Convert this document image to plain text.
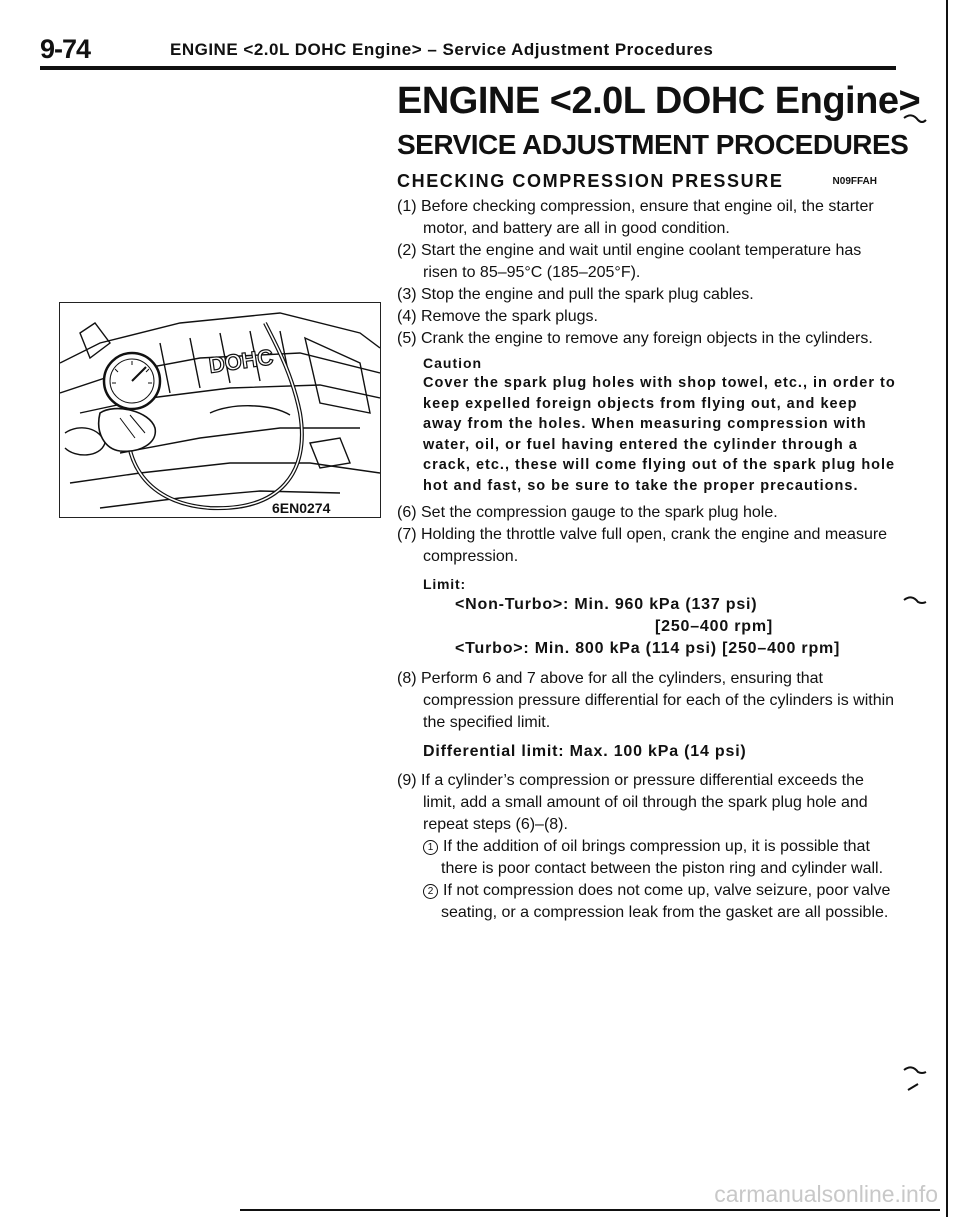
9-74	ENGINE <2.0L DOHC Engine> – Service Adjustment Procedures
DOHC
6EN0274
ENGINE <2.0L DOHC Engine>
SERVICE ADJUSTMENT PROCEDURES
CHECKING COMPRESSION PRESSURE	N09FFAH

(1) Before checking compression, ensure that engine oil, the starter motor, and battery are all in good condition.

(2) Start the engine and wait until engine coolant temperature has risen to 85–95°C (185–205°F).

(3) Stop the engine and pull the spark plug cables.

(4) Remove the spark plugs.

(5) Crank the engine to remove any foreign objects in the cylinders.

Caution

Cover the spark plug holes with shop towel, etc., in order to keep expelled foreign objects from flying out, and keep away from the holes. When measuring compression with water, oil, or fuel having entered the cylinder through a crack, etc., these will come flying out of the spark plug hole hot and fast, so be sure to take the proper precautions.

(6) Set the compression gauge to the spark plug hole.

(7) Holding the throttle valve full open, crank the engine and measure compression.

Limit:
<Non-Turbo>: Min. 960 kPa (137 psi)
[250–400 rpm]
<Turbo>: Min. 800 kPa (114 psi) [250–400 rpm]

(8) Perform 6 and 7 above for all the cylinders, ensuring that compression pressure differential for each of the cylinders is within the specified limit.

Differential limit: Max. 100 kPa (14 psi)

(9) If a cylinder’s compression or pressure differential exceeds the limit, add a small amount of oil through the spark plug hole and repeat steps (6)–(8).

1 If the addition of oil brings compression up, it is possible that there is poor contact between the piston ring and cylinder wall.

2 If not compression does not come up, valve seizure, poor valve seating, or a compression leak from the gasket are all possible.

carmanualsonline.info
